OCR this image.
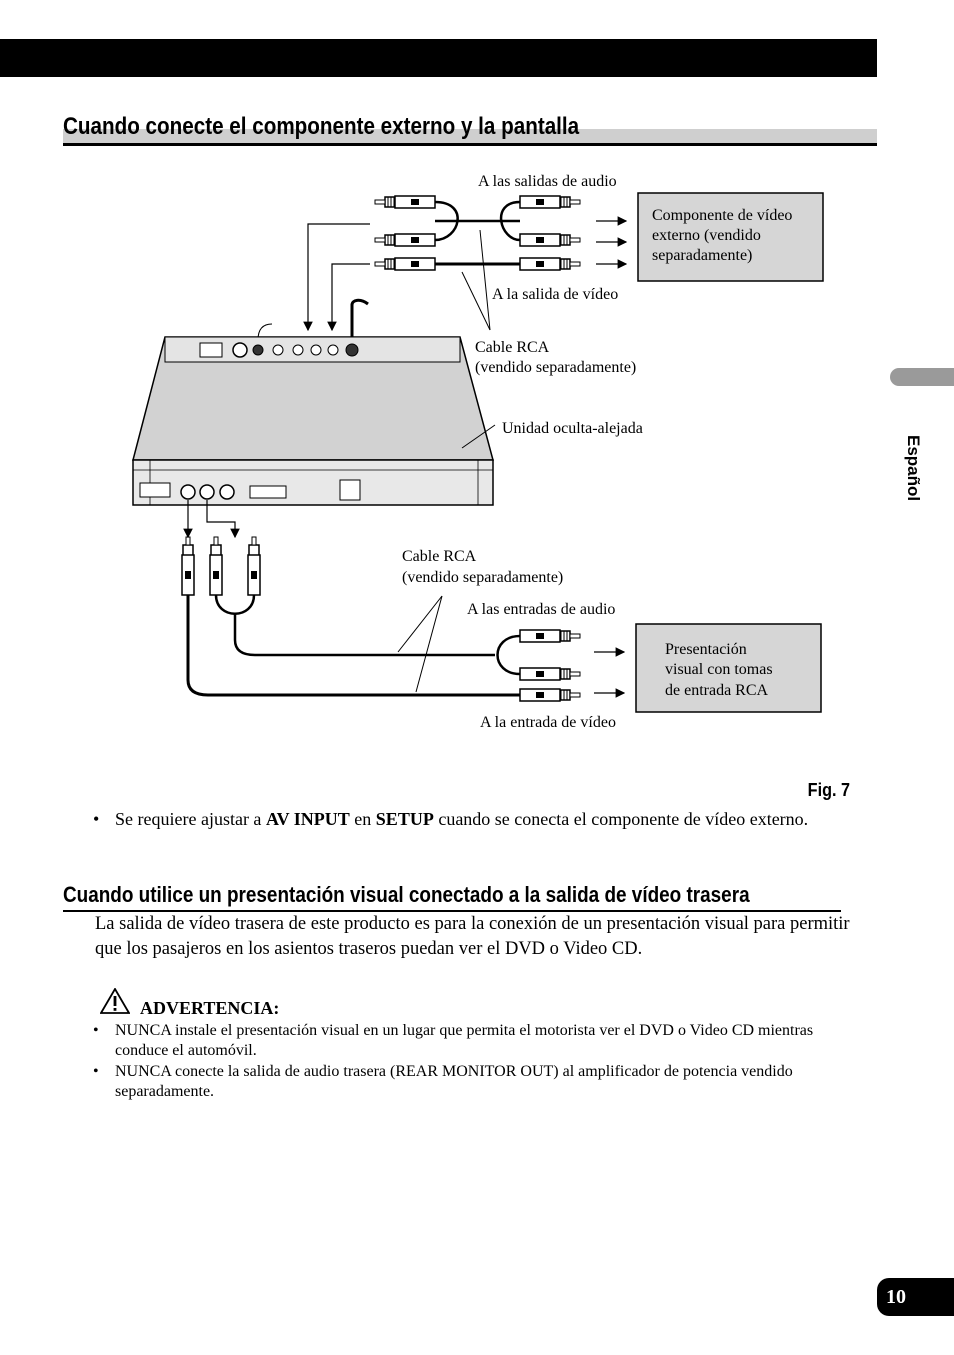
Cuando conecte el componente externo y la pantalla
Español
Componente de vídeo
externo (vendido
separadamente)
A las salidas de audio
A la salida de vídeo
Cable RCA
(vendido separadamente)
Unidad oculta-alejada
Cable RCA
(vendido separadamente)
A las entradas de audio
A la entrada de vídeo
Presentación
visual con tomas
de entrada RCA
Fig. 7
• Se requiere ajustar a AV INPUT en SETUP cuando se conecta el componente de vídeo externo.
Cuando utilice un presentación visual conectado a la salida de vídeo trasera
La salida de vídeo trasera de este producto es para la conexión de un presentación visual para permitir que los pasajeros en los asientos traseros puedan ver el DVD o Video CD.
ADVERTENCIA:
• NUNCA instale el presentación visual en un lugar que permita el motorista ver el DVD o Video CD mientras conduce el automóvil.
• NUNCA conecte la salida de audio trasera (REAR MONITOR OUT) al amplificador de potencia vendido separadamente.
10
